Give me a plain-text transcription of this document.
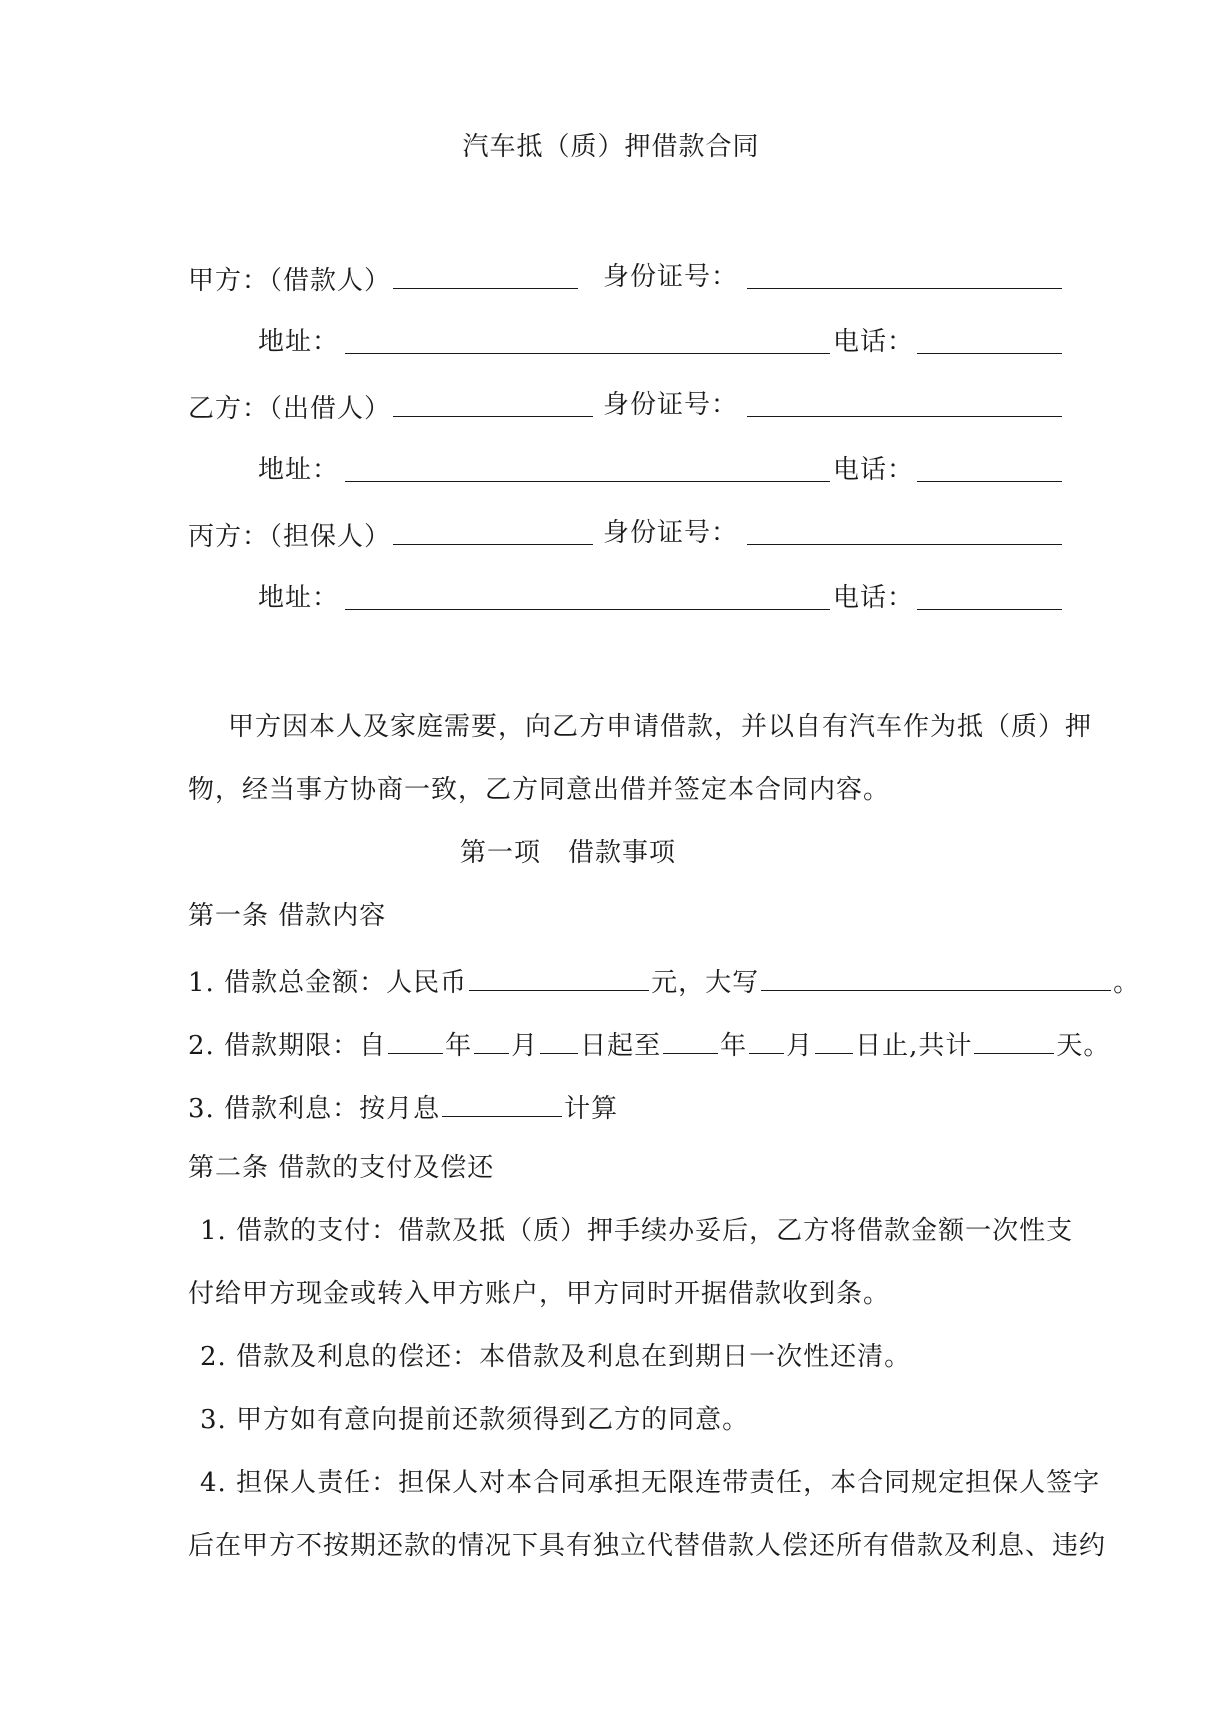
汽车抵（质）押借款合同
甲方：（借款人）	身份证号：
地址：	电话：
乙方：（出借人）	身份证号：
地址：	电话：
丙方：（担保人）	身份证号：
地址：	电话：
甲方因本人及家庭需要，向乙方申请借款，并以自有汽车作为抵（质）押
物，经当事方协商一致，乙方同意出借并签定本合同内容。
第一项　借款事项
第一条 借款内容
1. 借款总金额：人民币	元，大写	。
2. 借款期限：自 年 月 日起至 年 月 日止,共计	天。
3. 借款利息：按月息	计算
第二条 借款的支付及偿还
1. 借款的支付：借款及抵（质）押手续办妥后，乙方将借款金额一次性支
付给甲方现金或转入甲方账户，甲方同时开据借款收到条。
2. 借款及利息的偿还：本借款及利息在到期日一次性还清。
3. 甲方如有意向提前还款须得到乙方的同意。
4. 担保人责任：担保人对本合同承担无限连带责任，本合同规定担保人签字
后在甲方不按期还款的情况下具有独立代替借款人偿还所有借款及利息、违约
